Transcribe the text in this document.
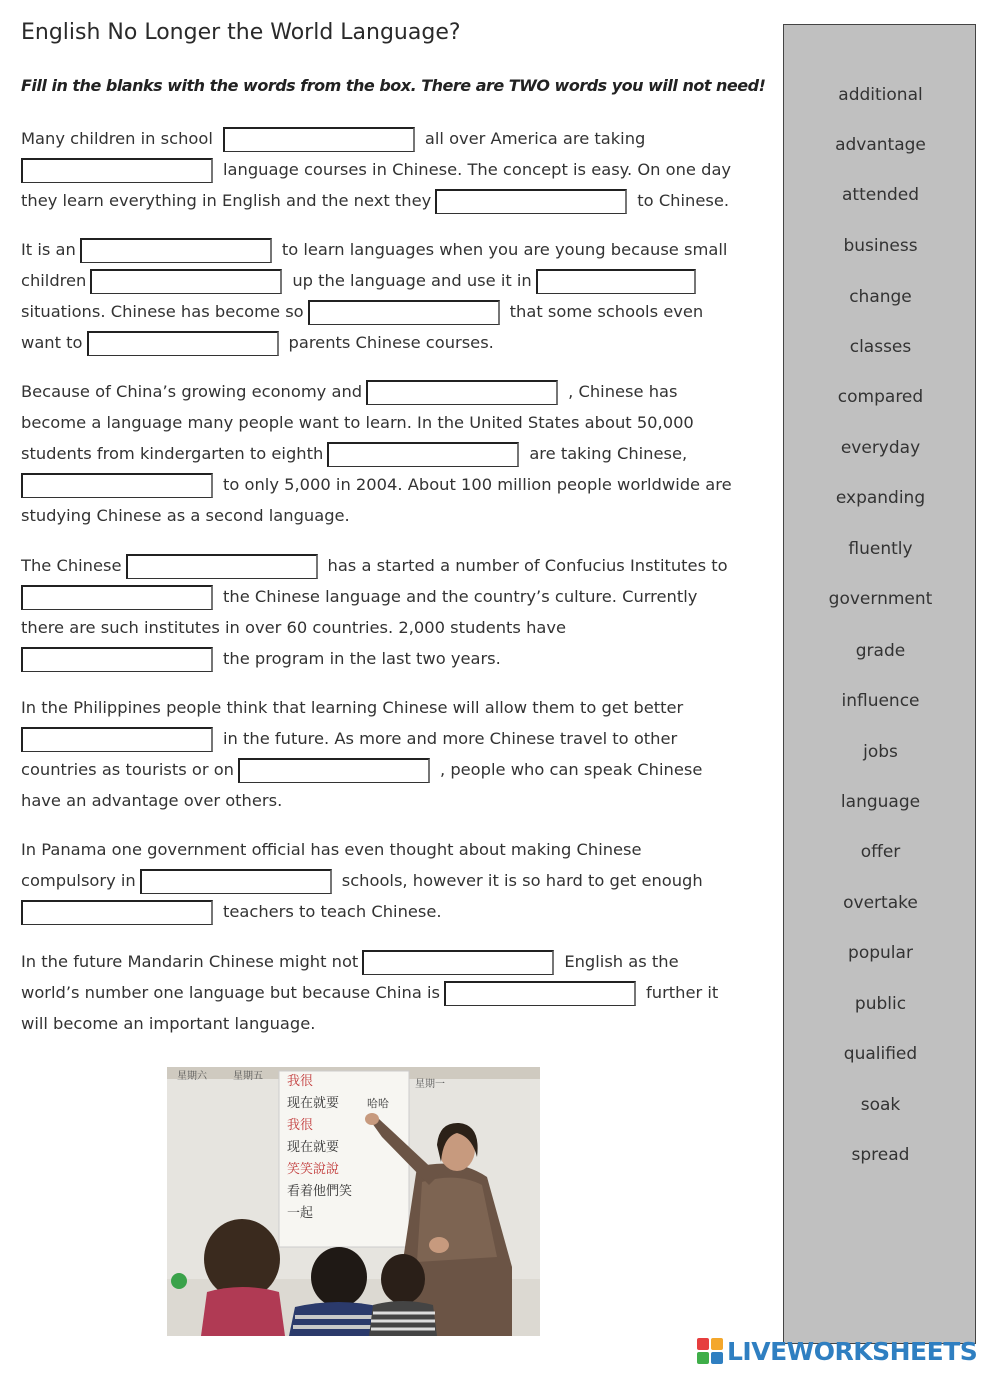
English No Longer the World Language?
Fill in the blanks with the words from the box. There are TWO words you will not need!
Many children in school	all over America are taking
language courses in Chinese. The concept is easy. On one day
they learn everything in English and the next they	to Chinese.
It is an	to learn languages when you are young because small
children	up the language and use it in
situations. Chinese has become so	that some schools even
want to	parents Chinese courses.
Because of China’s growing economy and	, Chinese has
become a language many people want to learn. In the United States about 50,000
students from kindergarten to eighth	are taking Chinese,
to only 5,000 in 2004. About 100 million people worldwide are
studying Chinese as a second language.
The Chinese	has a started a number of Confucius Institutes to
the Chinese language and the country’s culture. Currently
there are such institutes in over 60 countries. 2,000 students have
the program in the last two years.
In the Philippines people think that learning Chinese will allow them to get better
in the future. As more and more Chinese travel to other
countries as tourists or on	, people who can speak Chinese
have an advantage over others.
In Panama one government official has even thought about making Chinese
compulsory in	schools, however it is so hard to get enough
teachers to teach Chinese.
In the future Mandarin Chinese might not	English as the
world’s number one language but because China is	further it
will become an important language.
additional
advantage
attended
business
change
classes
compared
everyday
expanding
fluently
government
grade
influence
jobs
language
offer
overtake
popular
public
qualified
soak
spread
星期六	星期五
星期一
我很
现在就要	哈哈
我很
现在就要
笑笑說說
看着他們笑
一起
LIVEWORKSHEETS
